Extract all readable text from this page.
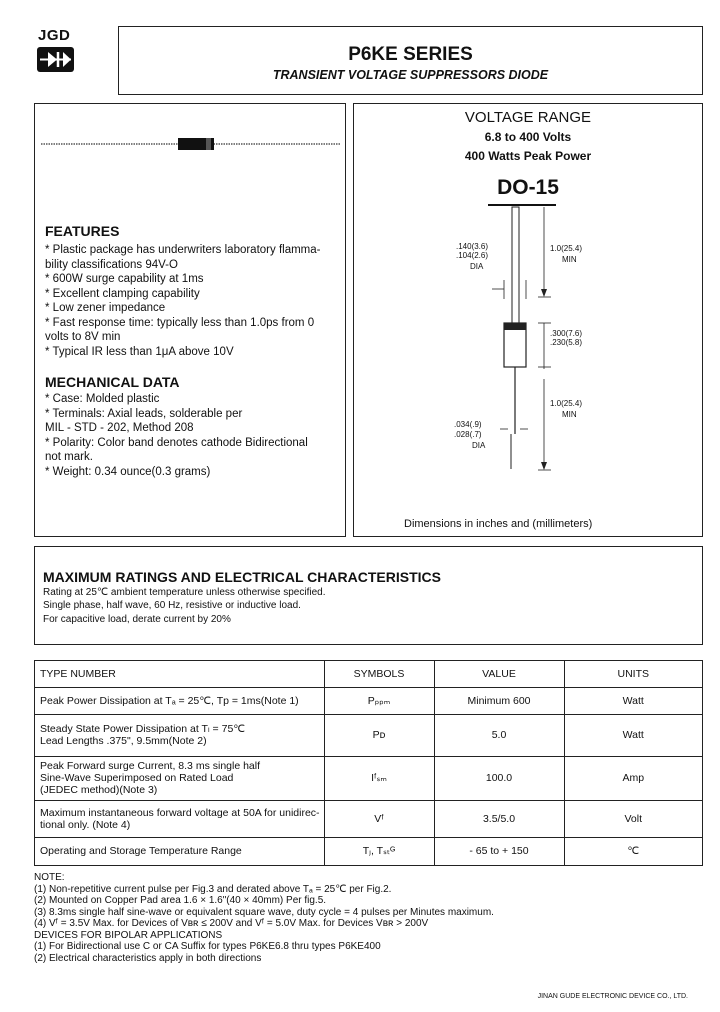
JGD
P6KE SERIES
TRANSIENT VOLTAGE SUPPRESSORS DIODE
FEATURES
* Plastic package has underwriters laboratory flamma-
bility classifications 94V-O
* 600W surge capability at 1ms
* Excellent clamping capability
* Low zener impedance
* Fast response time: typically less than 1.0ps from 0
volts to 8V min
* Typical IR less than 1μA above 10V
MECHANICAL DATA
* Case: Molded plastic
* Terminals: Axial leads, solderable per
MIL - STD - 202, Method 208
* Polarity: Color band denotes cathode Bidirectional
not mark.
* Weight: 0.34 ounce(0.3 grams)
VOLTAGE RANGE
6.8 to 400 Volts
400 Watts Peak Power
DO-15
.140(3.6)
.104(2.6)
DIA
1.0(25.4)
MIN
.300(7.6)
.230(5.8)
1.0(25.4)
MIN
.034(.9)
.028(.7)
DIA
Dimensions in inches and (millimeters)
MAXIMUM RATINGS AND ELECTRICAL CHARACTERISTICS
Rating at 25℃ ambient temperature unless otherwise specified.
Single phase, half wave, 60 Hz, resistive or inductive load.
For capacitive load, derate current by 20%
TYPE NUMBER	SYMBOLS	VALUE	UNITS

Peak Power Dissipation at Tₐ = 25℃, Tp = 1ms(Note 1)	Pₚₚₘ	Minimum 600	Watt

Steady State Power Dissipation at Tₗ = 75℃
Lead Lengths .375", 9.5mm(Note 2)	Pᴅ	5.0	Watt

Peak Forward surge Current, 8.3 ms single half
Sine-Wave Superimposed on Rated Load
(JEDEC method)(Note 3)	Iᶠₛₘ	100.0	Amp

Maximum instantaneous forward voltage at 50A for unidirec-
tional only. (Note 4)	Vᶠ	3.5/5.0	Volt

Operating and Storage Temperature Range	Tⱼ, Tₛₜᴳ	- 65 to + 150	℃
NOTE:
(1) Non-repetitive current pulse per Fig.3 and derated above Tₐ = 25℃ per Fig.2.
(2) Mounted on Copper Pad area 1.6 × 1.6"(40 × 40mm) Per fig.5.
(3) 8.3ms single half sine-wave or equivalent square wave, duty cycle = 4 pulses per Minutes maximum.
(4) Vᶠ = 3.5V Max. for Devices of Vʙʀ ≤ 200V and Vᶠ = 5.0V Max. for Devices Vʙʀ > 200V
DEVICES FOR BIPOLAR APPLICATIONS
(1) For Bidirectional use C or CA Suffix for types P6KE6.8 thru types P6KE400
(2) Electrical characteristics apply in both directions
JINAN GUDE ELECTRONIC DEVICE CO., LTD.
